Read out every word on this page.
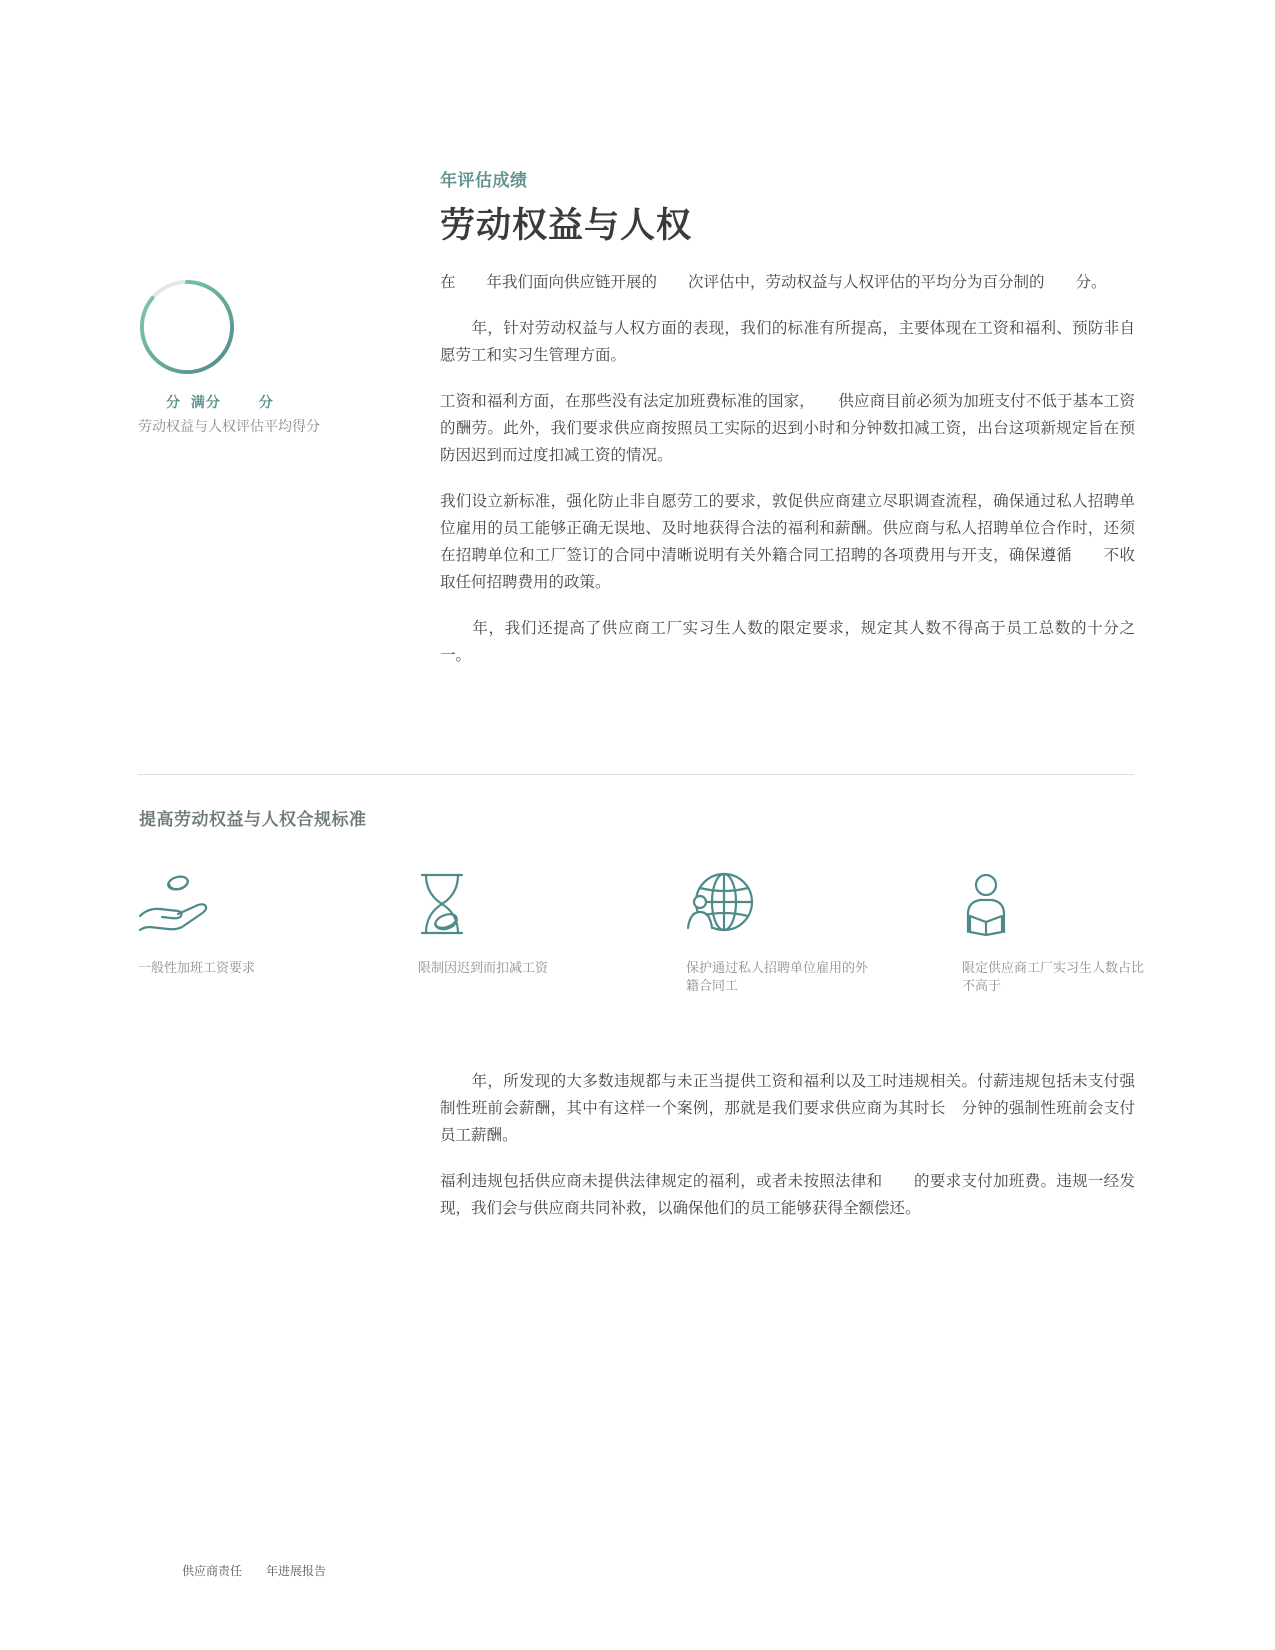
年评估成绩
劳动权益与人权
分 满分	分
劳动权益与人权评估平均得分

在　　年我们面向供应链开展的　　次评估中，劳动权益与人权评估的平均分为百分制的　　分。

　　年，针对劳动权益与人权方面的表现，我们的标准有所提高，主要体现在工资和福利、预防非自愿劳工和实习生管理方面。

工资和福利方面，在那些没有法定加班费标准的国家，　　供应商目前必须为加班支付不低于基本工资　　的酬劳。此外，我们要求供应商按照员工实际的迟到小时和分钟数扣减工资，出台这项新规定旨在预防因迟到而过度扣减工资的情况。

我们设立新标准，强化防止非自愿劳工的要求，敦促供应商建立尽职调查流程，确保通过私人招聘单位雇用的员工能够正确无误地、及时地获得合法的福利和薪酬。供应商与私人招聘单位合作时，还须在招聘单位和工厂签订的合同中清晰说明有关外籍合同工招聘的各项费用与开支，确保遵循　　不收取任何招聘费用的政策。

　　年，我们还提高了供应商工厂实习生人数的限定要求，规定其人数不得高于员工总数的十分之一。

提高劳动权益与人权合规标准
一般性加班工资要求	限制因迟到而扣减工资	保护通过私人招聘单位雇用的外籍合同工
限定供应商工厂实习生人数占比不高于

　　年，所发现的大多数违规都与未正当提供工资和福利以及工时违规相关。付薪违规包括未支付强制性班前会薪酬，其中有这样一个案例，那就是我们要求供应商为其时长　分钟的强制性班前会支付员工薪酬。

福利违规包括供应商未提供法律规定的福利，或者未按照法律和　　的要求支付加班费。违规一经发现，我们会与供应商共同补救，以确保他们的员工能够获得全额偿还。

供应商责任　　年进展报告
